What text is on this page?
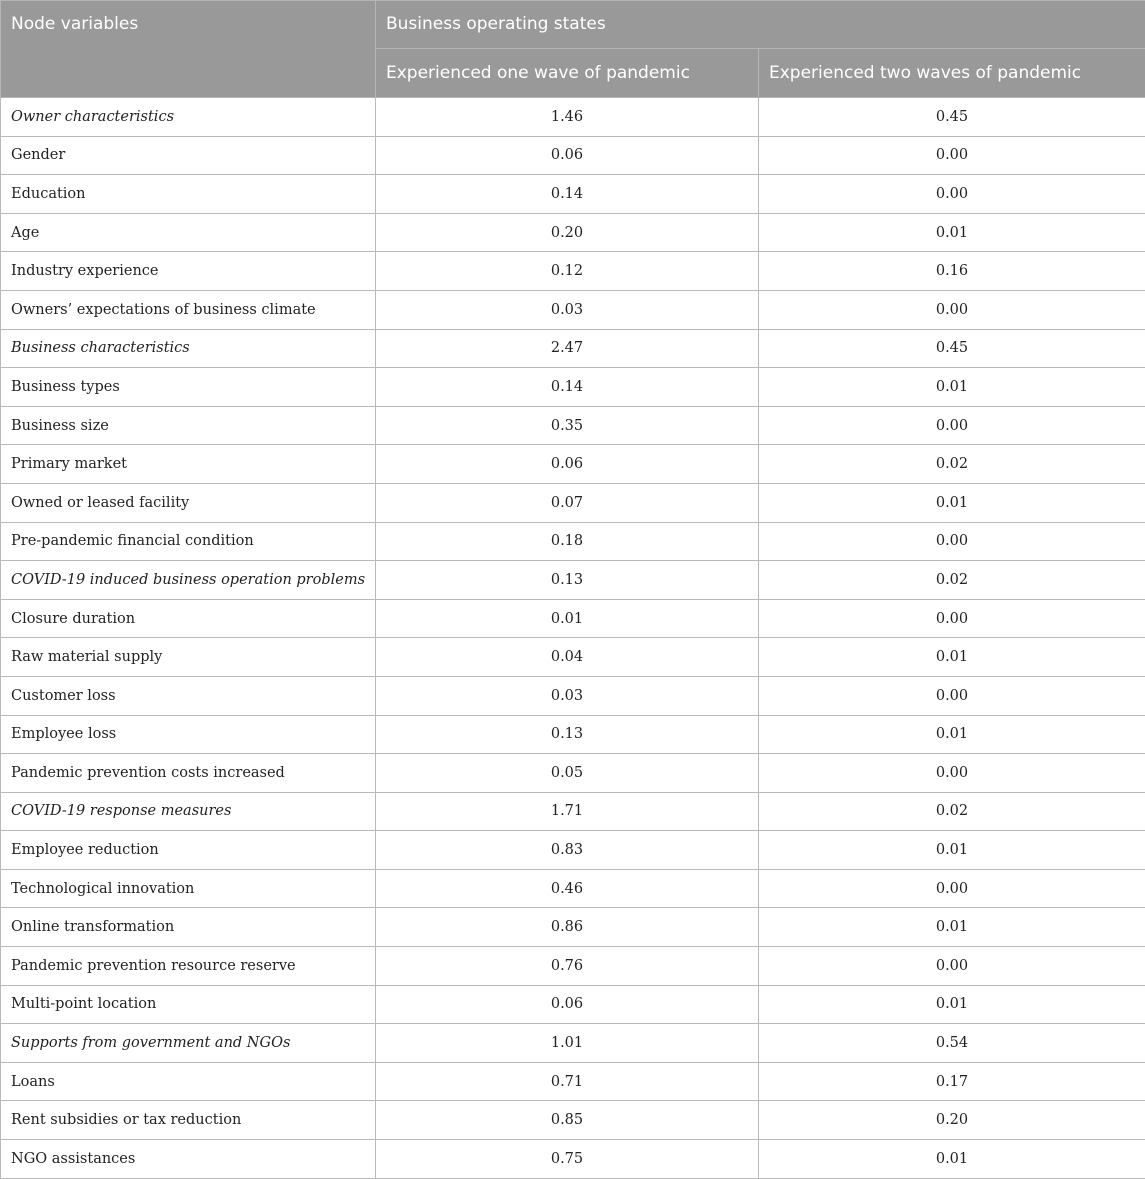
Node variables	Business operating states	
	Experienced one wave of pandemic	Experienced two waves of pandemic
Owner characteristics	1.46	0.45
Gender	0.06	0.00
Education	0.14	0.00
Age	0.20	0.01
Industry experience	0.12	0.16
Owners’ expectations of business climate	0.03	0.00
Business characteristics	2.47	0.45
Business types	0.14	0.01
Business size	0.35	0.00
Primary market	0.06	0.02
Owned or leased facility	0.07	0.01
Pre-pandemic financial condition	0.18	0.00
COVID-19 induced business operation problems	0.13	0.02
Closure duration	0.01	0.00
Raw material supply	0.04	0.01
Customer loss	0.03	0.00
Employee loss	0.13	0.01
Pandemic prevention costs increased	0.05	0.00
COVID-19 response measures	1.71	0.02
Employee reduction	0.83	0.01
Technological innovation	0.46	0.00
Online transformation	0.86	0.01
Pandemic prevention resource reserve	0.76	0.00
Multi-point location	0.06	0.01
Supports from government and NGOs	1.01	0.54
Loans	0.71	0.17
Rent subsidies or tax reduction	0.85	0.20
NGO assistances	0.75	0.01
